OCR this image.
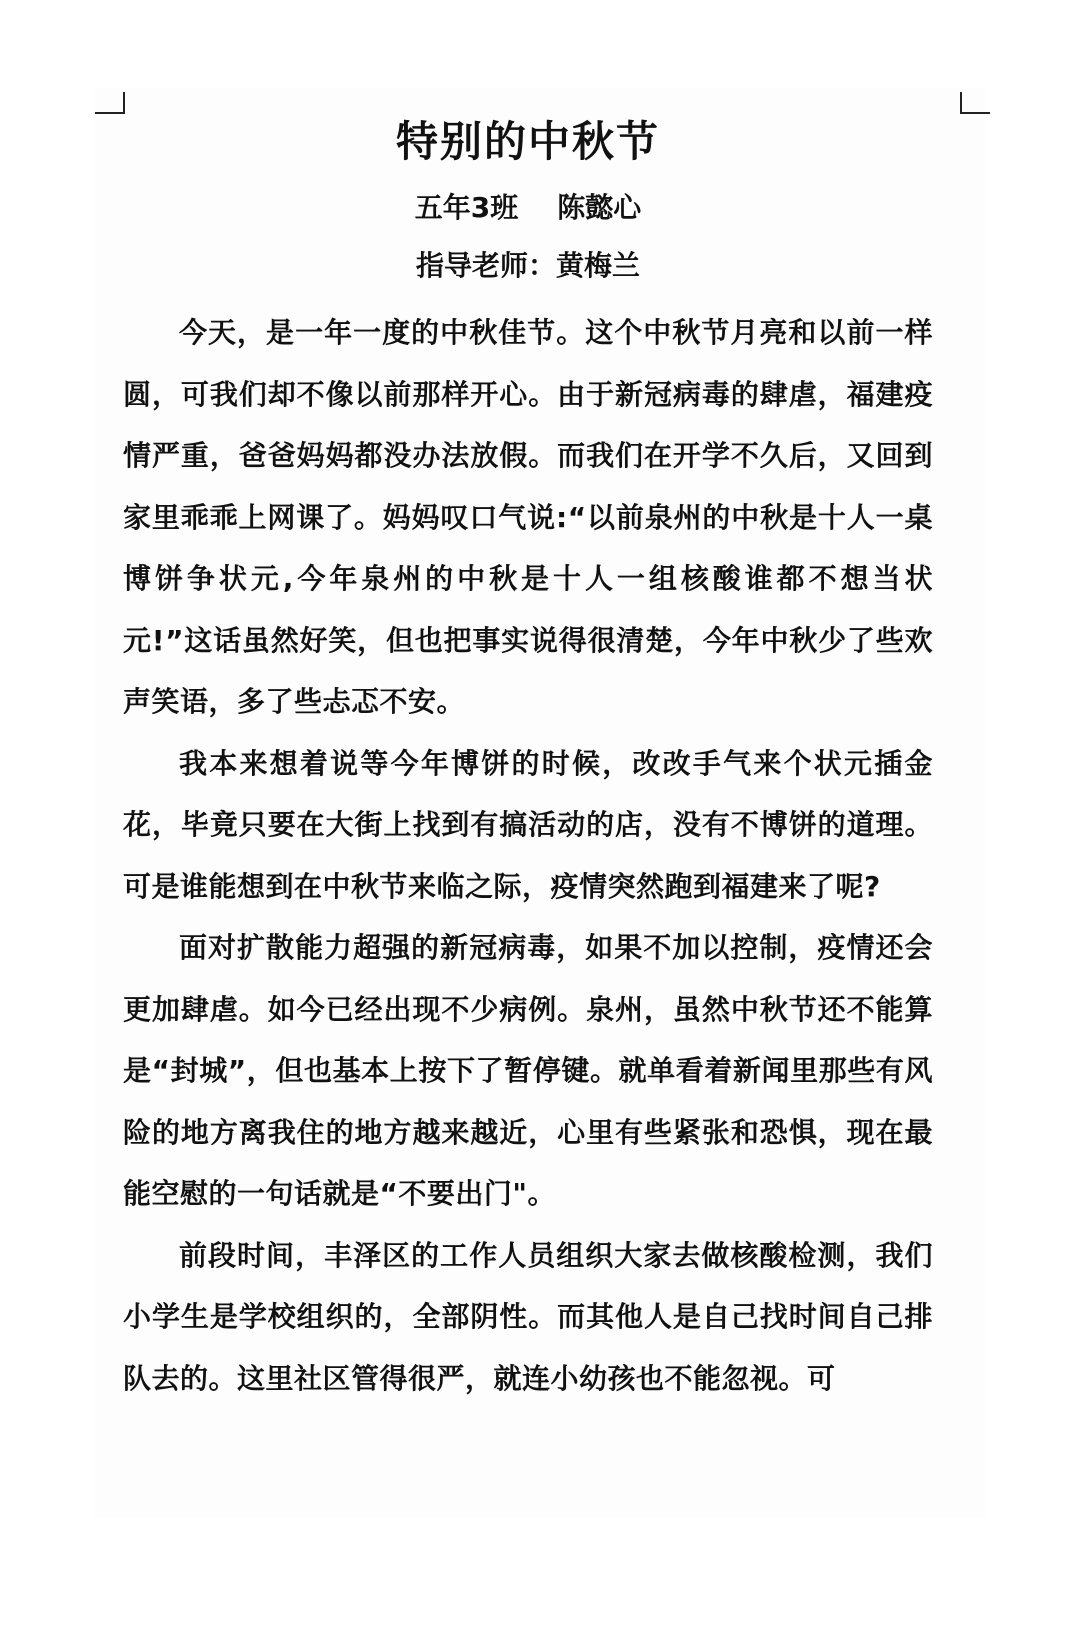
特别的中秋节

五年3班    陈懿心

指导老师：黄梅兰

今天，是一年一度的中秋佳节。这个中秋节月亮和以前一样圆，可我们却不像以前那样开心。由于新冠病毒的肆虐，福建疫情严重，爸爸妈妈都没办法放假。而我们在开学不久后，又回到家里乖乖上网课了。妈妈叹口气说:“以前泉州的中秋是十人一桌博饼争状元,今年泉州的中秋是十人一组核酸谁都不想当状元!”这话虽然好笑，但也把事实说得很清楚，今年中秋少了些欢声笑语，多了些忐忑不安。

我本来想着说等今年博饼的时候，改改手气来个状元插金花，毕竟只要在大街上找到有搞活动的店，没有不博饼的道理。可是谁能想到在中秋节来临之际，疫情突然跑到福建来了呢?

面对扩散能力超强的新冠病毒，如果不加以控制，疫情还会更加肆虐。如今已经出现不少病例。泉州，虽然中秋节还不能算是“封城”，但也基本上按下了暂停键。就单看着新闻里那些有风险的地方离我住的地方越来越近，心里有些紧张和恐惧，现在最能空慰的一句话就是“不要出门"。

前段时间，丰泽区的工作人员组织大家去做核酸检测，我们小学生是学校组织的，全部阴性。而其他人是自己找时间自己排队去的。这里社区管得很严，就连小幼孩也不能忽视。可
